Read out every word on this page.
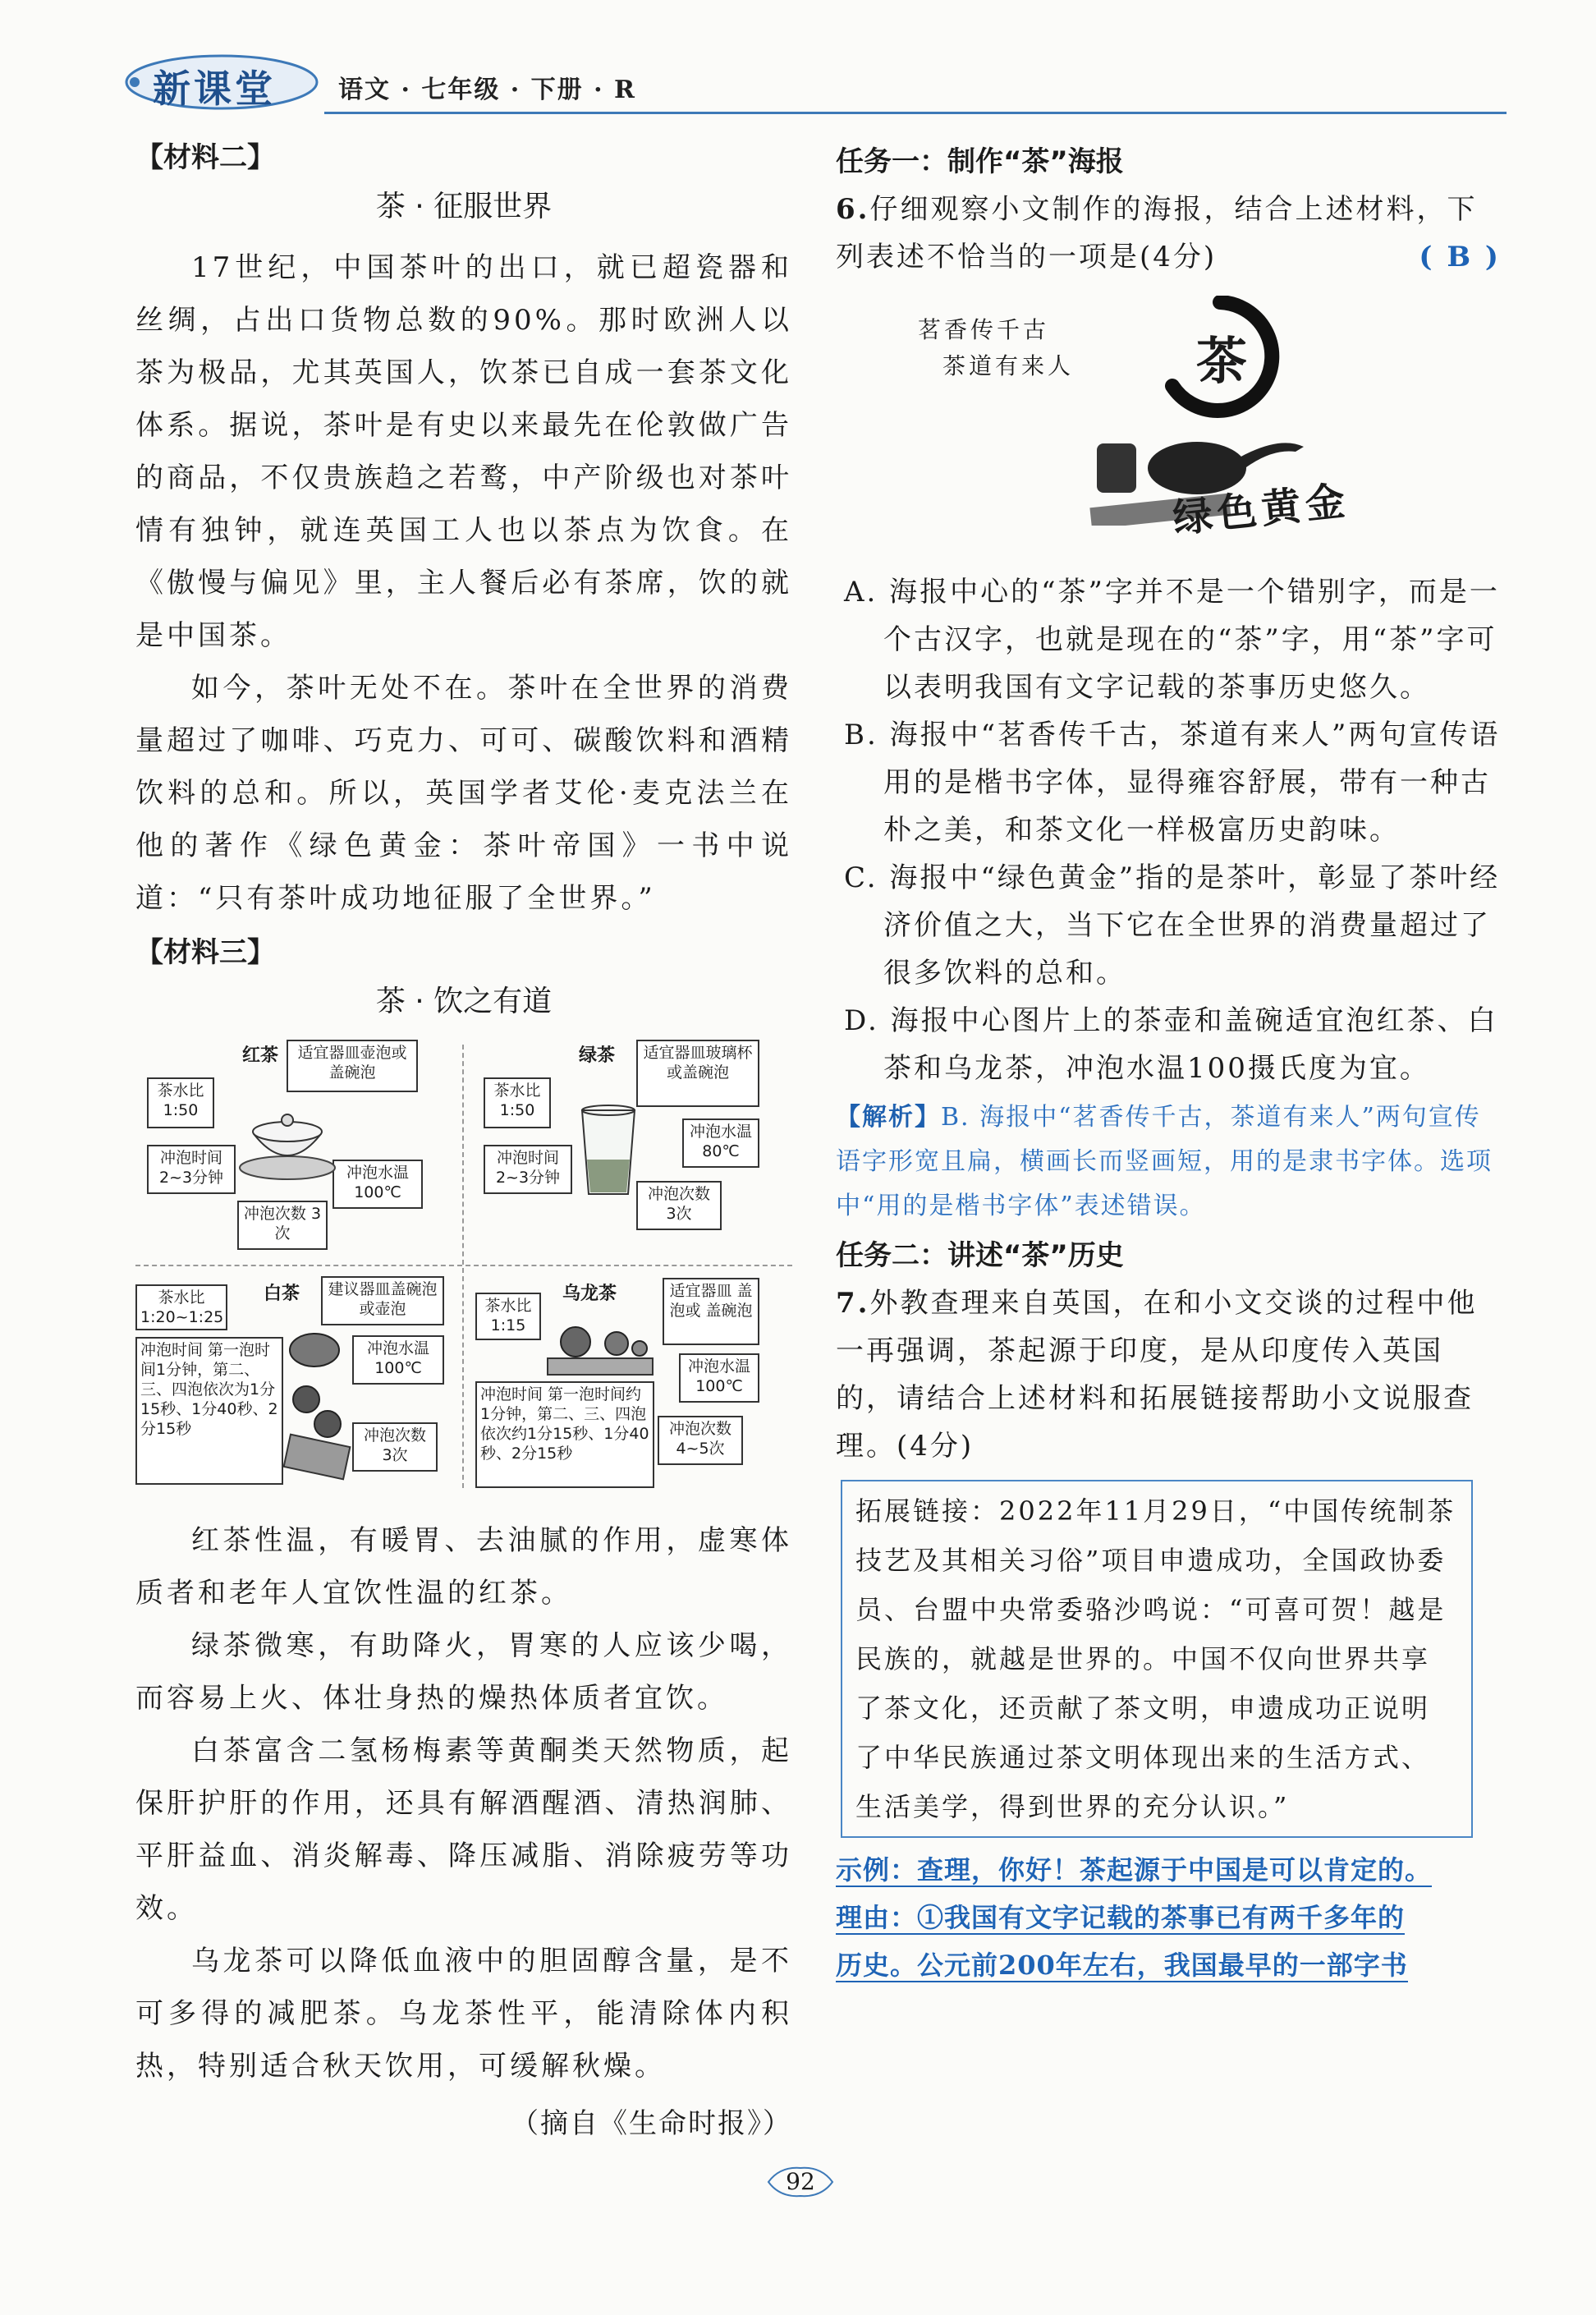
新课堂	语文 · 七年级 · 下册 · R

【材料二】

茶 · 征服世界

17世纪，中国茶叶的出口，就已超瓷器和丝绸，占出口货物总数的90%。那时欧洲人以茶为极品，尤其英国人，饮茶已自成一套茶文化体系。据说，茶叶是有史以来最先在伦敦做广告的商品，不仅贵族趋之若鹜，中产阶级也对茶叶情有独钟，就连英国工人也以茶点为饮食。在《傲慢与偏见》里，主人餐后必有茶席，饮的就是中国茶。

如今，茶叶无处不在。茶叶在全世界的消费量超过了咖啡、巧克力、可可、碳酸饮料和酒精饮料的总和。所以，英国学者艾伦·麦克法兰在他的著作《绿色黄金：茶叶帝国》一书中说道：“只有茶叶成功地征服了全世界。”

【材料三】

茶 · 饮之有道

红茶	适宜器皿壶泡或盖碗泡
茶水比 1:50
冲泡时间 2~3分钟	冲泡水温 100℃
冲泡次数 3次
绿茶	适宜器皿玻璃杯或盖碗泡
茶水比 1:50
冲泡时间 2~3分钟
冲泡水温 80℃
冲泡次数 3次
白茶	建议器皿盖碗泡或壶泡
茶水比 1:20~1:25
冲泡时间 第一泡时间1分钟，第二、三、四泡依次为1分15秒、1分40秒、2分15秒
冲泡水温 100℃
冲泡次数 3次
乌龙茶	适宜器皿 盖泡或 盖碗泡
茶水比 1:15
冲泡时间 第一泡时间约1分钟，第二、三、四泡依次约1分15秒、1分40秒、2分15秒
冲泡水温 100℃
冲泡次数 4~5次

红茶性温，有暖胃、去油腻的作用，虚寒体质者和老年人宜饮性温的红茶。

绿茶微寒，有助降火，胃寒的人应该少喝，而容易上火、体壮身热的燥热体质者宜饮。

白茶富含二氢杨梅素等黄酮类天然物质，起保肝护肝的作用，还具有解酒醒酒、清热润肺、平肝益血、消炎解毒、降压减脂、消除疲劳等功效。

乌龙茶可以降低血液中的胆固醇含量，是不可多得的减肥茶。乌龙茶性平，能清除体内积热，特别适合秋天饮用，可缓解秋燥。

（摘自《生命时报》）

任务一：制作“茶”海报

6.仔细观察小文制作的海报，结合上述材料，下列表述不恰当的一项是(4分)	( B )

茗香传千古
茶道有来人 茶
绿色黄金

A. 海报中心的“茶”字并不是一个错别字，而是一个古汉字，也就是现在的“茶”字，用“茶”字可以表明我国有文字记载的茶事历史悠久。

B. 海报中“茗香传千古，茶道有来人”两句宣传语用的是楷书字体，显得雍容舒展，带有一种古朴之美，和茶文化一样极富历史韵味。

C. 海报中“绿色黄金”指的是茶叶，彰显了茶叶经济价值之大，当下它在全世界的消费量超过了很多饮料的总和。

D. 海报中心图片上的茶壶和盖碗适宜泡红茶、白茶和乌龙茶，冲泡水温100摄氏度为宜。

【解析】B. 海报中“茗香传千古，茶道有来人”两句宣传语字形宽且扁，横画长而竖画短，用的是隶书字体。选项中“用的是楷书字体”表述错误。

任务二：讲述“茶”历史

7.外教查理来自英国，在和小文交谈的过程中他一再强调，茶起源于印度，是从印度传入英国的，请结合上述材料和拓展链接帮助小文说服查理。(4分)

拓展链接：2022年11月29日，“中国传统制茶技艺及其相关习俗”项目申遗成功，全国政协委员、台盟中央常委骆沙鸣说：“可喜可贺！越是民族的，就越是世界的。中国不仅向世界共享了茶文化，还贡献了茶文明，申遗成功正说明了中华民族通过茶文明体现出来的生活方式、生活美学，得到世界的充分认识。”

示例：查理，你好！茶起源于中国是可以肯定的。

理由：①我国有文字记载的茶事已有两千多年的

历史。公元前200年左右，我国最早的一部字书

92
